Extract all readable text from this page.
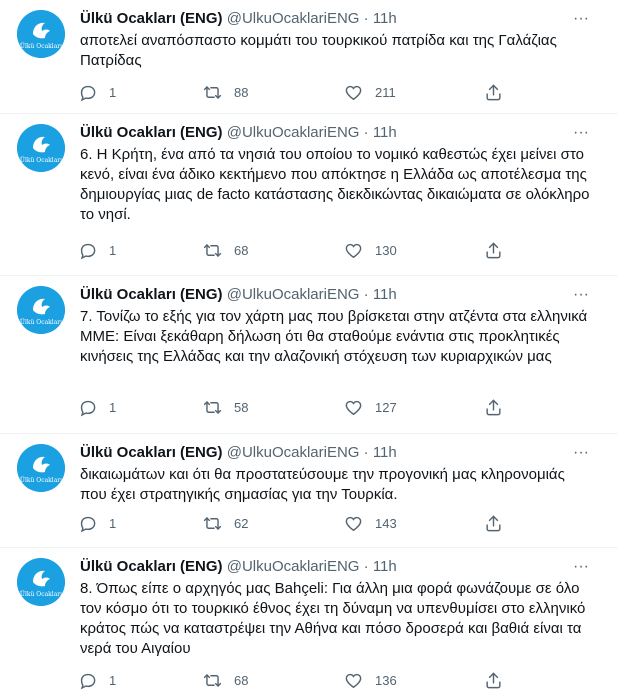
Ülkü Ocakları
Ülkü Ocakları (ENG) @UlkuOcaklariENG · 11h	···
αποτελεί αναπόσπαστο κομμάτι του τουρκικού πατρίδα και της Γαλάζιας Πατρίδας
1	88	211
Ülkü Ocakları
Ülkü Ocakları (ENG) @UlkuOcaklariENG · 11h	···
6. Η Κρήτη, ένα από τα νησιά του οποίου το νομικό καθεστώς έχει μείνει στο κενό, είναι ένα άδικο κεκτήμενο που απόκτησε η Ελλάδα ως αποτέλεσμα της δημιουργίας μιας de facto κατάστασης διεκδικώντας δικαιώματα σε ολόκληρο το νησί.
1	68	130
Ülkü Ocakları
Ülkü Ocakları (ENG) @UlkuOcaklariENG · 11h	···
7. Τονίζω το εξής για τον χάρτη μας που βρίσκεται στην ατζέντα στα ελληνικά ΜΜΕ: Είναι ξεκάθαρη δήλωση ότι θα σταθούμε ενάντια στις προκλητικές κινήσεις της Ελλάδας και την αλαζονική στόχευση των κυριαρχικών μας
1	58	127
Ülkü Ocakları
Ülkü Ocakları (ENG) @UlkuOcaklariENG · 11h	···
δικαιωμάτων και ότι θα προστατεύσουμε την προγονική μας κληρονομιάς που έχει στρατηγικής σημασίας για την Τουρκία.
1	62	143
Ülkü Ocakları
Ülkü Ocakları (ENG) @UlkuOcaklariENG · 11h	···
8. Όπως είπε ο αρχηγός μας Bahçeli: Για άλλη μια φορά φωνάζουμε σε όλο τον κόσμο ότι το τουρκικό έθνος έχει τη δύναμη να υπενθυμίσει στο ελληνικό κράτος πώς να καταστρέψει την Αθήνα και πόσο δροσερά και βαθιά είναι τα νερά του Αιγαίου
1	68	136
